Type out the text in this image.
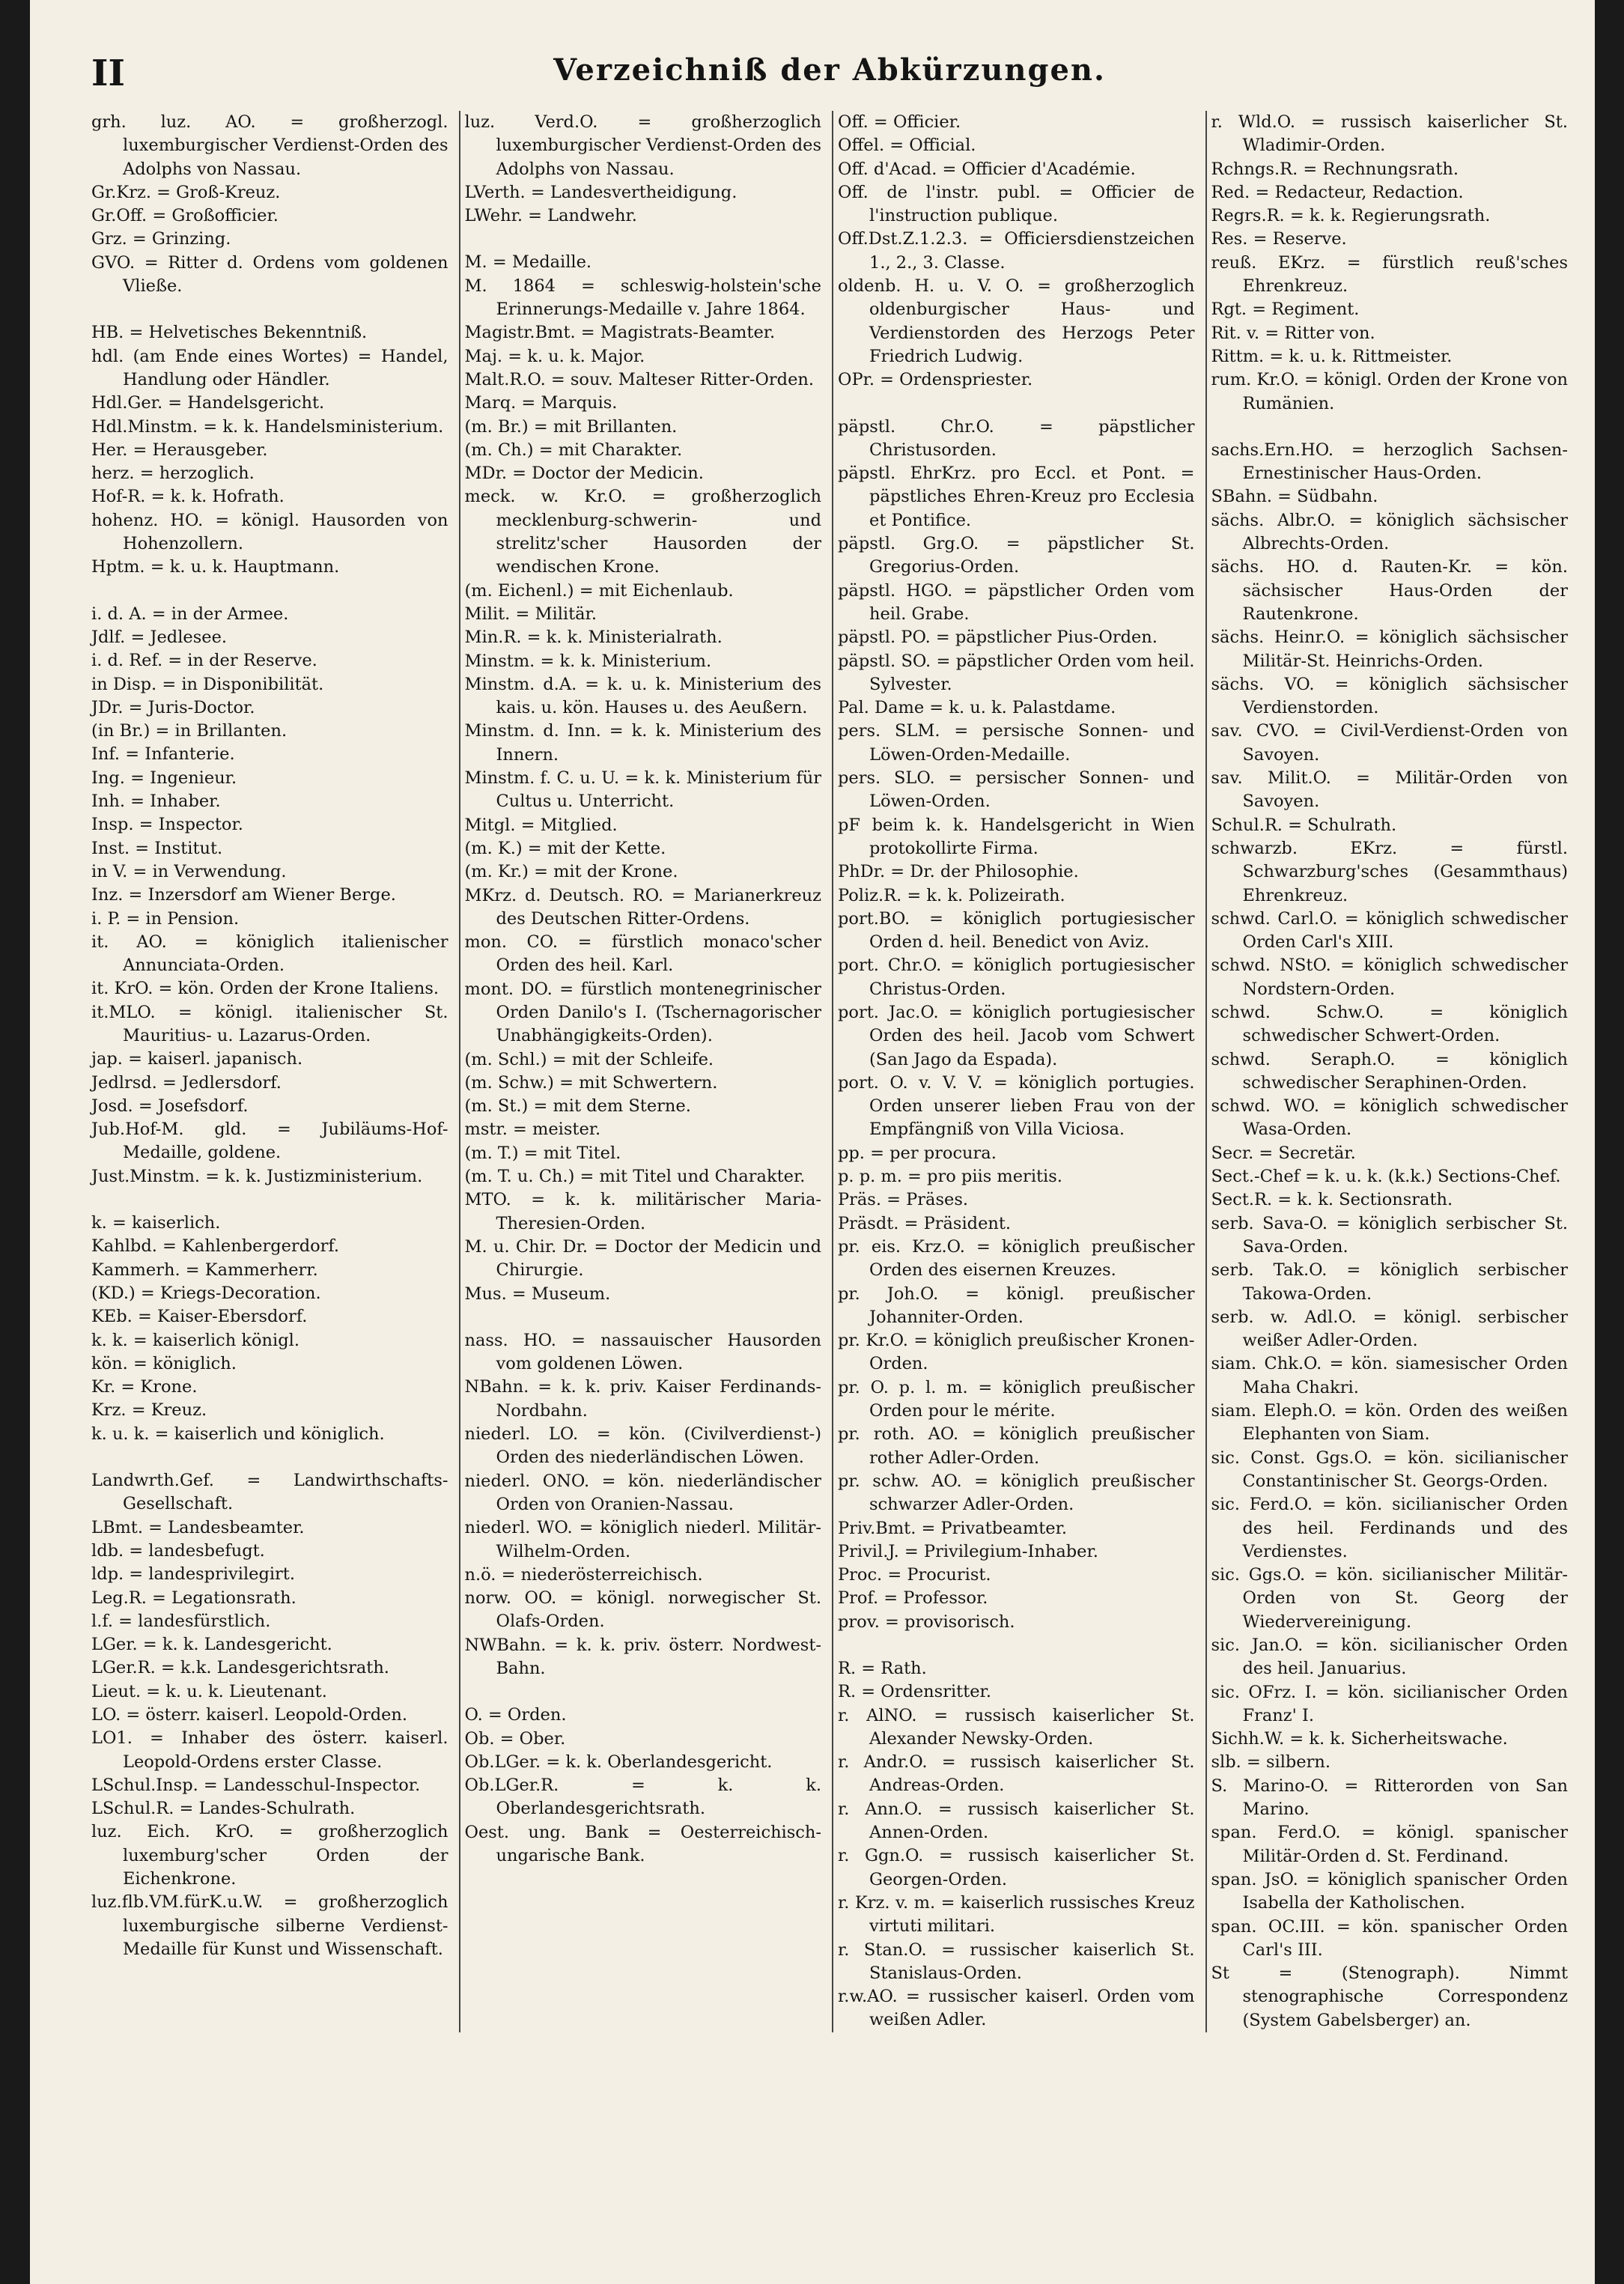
II	Verzeichniß der Abkürzungen.
grh. luz. AO. = großherzogl. luxemburgischer Verdienst-Orden des Adolphs von Nassau.
Gr.Krz. = Groß-Kreuz.
Gr.Off. = Großofficier.
Grz. = Grinzing.
GVO. = Ritter d. Ordens vom goldenen Vließe.
HB. = Helvetisches Bekenntniß.
hdl. (am Ende eines Wortes) = Handel, Handlung oder Händler.
Hdl.Ger. = Handelsgericht.
Hdl.Minstm. = k. k. Handelsministerium.
Her. = Herausgeber.
herz. = herzoglich.
Hof-R. = k. k. Hofrath.
hohenz. HO. = königl. Hausorden von Hohenzollern.
Hptm. = k. u. k. Hauptmann.
i. d. A. = in der Armee.
Jdlf. = Jedlesee.
i. d. Ref. = in der Reserve.
in Disp. = in Disponibilität.
JDr. = Juris-Doctor.
(in Br.) = in Brillanten.
Inf. = Infanterie.
Ing. = Ingenieur.
Inh. = Inhaber.
Insp. = Inspector.
Inst. = Institut.
in V. = in Verwendung.
Inz. = Inzersdorf am Wiener Berge.
i. P. = in Pension.
it. AO. = königlich italienischer Annunciata-Orden.
it. KrO. = kön. Orden der Krone Italiens.
it.MLO. = königl. italienischer St. Mauritius- u. Lazarus-Orden.
jap. = kaiserl. japanisch.
Jedlrsd. = Jedlersdorf.
Josd. = Josefsdorf.
Jub.Hof-M. gld. = Jubiläums-Hof-Medaille, goldene.
Just.Minstm. = k. k. Justizministerium.
k. = kaiserlich.
Kahlbd. = Kahlenbergerdorf.
Kammerh. = Kammerherr.
(KD.) = Kriegs-Decoration.
KEb. = Kaiser-Ebersdorf.
k. k. = kaiserlich königl.
kön. = königlich.
Kr. = Krone.
Krz. = Kreuz.
k. u. k. = kaiserlich und königlich.
Landwrth.Gef. = Landwirthschafts-Gesellschaft.
LBmt. = Landesbeamter.
ldb. = landesbefugt.
ldp. = landesprivilegirt.
Leg.R. = Legationsrath.
l.f. = landesfürstlich.
LGer. = k. k. Landesgericht.
LGer.R. = k.k. Landesgerichtsrath.
Lieut. = k. u. k. Lieutenant.
LO. = österr. kaiserl. Leopold-Orden.
LO1. = Inhaber des österr. kaiserl. Leopold-Ordens erster Classe.
LSchul.Insp. = Landesschul-Inspector.
LSchul.R. = Landes-Schulrath.
luz. Eich. KrO. = großherzoglich luxemburg'scher Orden der Eichenkrone.
luz.flb.VM.fürK.u.W. = großherzoglich luxemburgische silberne Verdienst-Medaille für Kunst und Wissenschaft.
luz. Verd.O. = großherzoglich luxemburgischer Verdienst-Orden des Adolphs von Nassau.
LVerth. = Landesvertheidigung.
LWehr. = Landwehr.
M. = Medaille.
M. 1864 = schleswig-holstein'sche Erinnerungs-Medaille v. Jahre 1864.
Magistr.Bmt. = Magistrats-Beamter.
Maj. = k. u. k. Major.
Malt.R.O. = souv. Malteser Ritter-Orden.
Marq. = Marquis.
(m. Br.) = mit Brillanten.
(m. Ch.) = mit Charakter.
MDr. = Doctor der Medicin.
meck. w. Kr.O. = großherzoglich mecklenburg-schwerin- und strelitz'scher Hausorden der wendischen Krone.
(m. Eichenl.) = mit Eichenlaub.
Milit. = Militär.
Min.R. = k. k. Ministerialrath.
Minstm. = k. k. Ministerium.
Minstm. d.A. = k. u. k. Ministerium des kais. u. kön. Hauses u. des Aeußern.
Minstm. d. Inn. = k. k. Ministerium des Innern.
Minstm. f. C. u. U. = k. k. Ministerium für Cultus u. Unterricht.
Mitgl. = Mitglied.
(m. K.) = mit der Kette.
(m. Kr.) = mit der Krone.
MKrz. d. Deutsch. RO. = Marianerkreuz des Deutschen Ritter-Ordens.
mon. CO. = fürstlich monaco'scher Orden des heil. Karl.
mont. DO. = fürstlich montenegrinischer Orden Danilo's I. (Tschernagorischer Unabhängigkeits-Orden).
(m. Schl.) = mit der Schleife.
(m. Schw.) = mit Schwertern.
(m. St.) = mit dem Sterne.
mstr. = meister.
(m. T.) = mit Titel.
(m. T. u. Ch.) = mit Titel und Charakter.
MTO. = k. k. militärischer Maria-Theresien-Orden.
M. u. Chir. Dr. = Doctor der Medicin und Chirurgie.
Mus. = Museum.
nass. HO. = nassauischer Hausorden vom goldenen Löwen.
NBahn. = k. k. priv. Kaiser Ferdinands-Nordbahn.
niederl. LO. = kön. (Civilverdienst-) Orden des niederländischen Löwen.
niederl. ONO. = kön. niederländischer Orden von Oranien-Nassau.
niederl. WO. = königlich niederl. Militär-Wilhelm-Orden.
n.ö. = niederösterreichisch.
norw. OO. = königl. norwegischer St. Olafs-Orden.
NWBahn. = k. k. priv. österr. Nordwest-Bahn.
O. = Orden.
Ob. = Ober.
Ob.LGer. = k. k. Oberlandesgericht.
Ob.LGer.R. = k. k. Oberlandesgerichtsrath.
Oest. ung. Bank = Oesterreichisch-ungarische Bank.
Off. = Officier.
Offel. = Official.
Off. d'Acad. = Officier d'Académie.
Off. de l'instr. publ. = Officier de l'instruction publique.
Off.Dst.Z.1.2.3. = Officiersdienstzeichen 1., 2., 3. Classe.
oldenb. H. u. V. O. = großherzoglich oldenburgischer Haus- und Verdienstorden des Herzogs Peter Friedrich Ludwig.
OPr. = Ordenspriester.
päpstl. Chr.O. = päpstlicher Christusorden.
päpstl. EhrKrz. pro Eccl. et Pont. = päpstliches Ehren-Kreuz pro Ecclesia et Pontifice.
päpstl. Grg.O. = päpstlicher St. Gregorius-Orden.
päpstl. HGO. = päpstlicher Orden vom heil. Grabe.
päpstl. PO. = päpstlicher Pius-Orden.
päpstl. SO. = päpstlicher Orden vom heil. Sylvester.
Pal. Dame = k. u. k. Palastdame.
pers. SLM. = persische Sonnen- und Löwen-Orden-Medaille.
pers. SLO. = persischer Sonnen- und Löwen-Orden.
pF beim k. k. Handelsgericht in Wien protokollirte Firma.
PhDr. = Dr. der Philosophie.
Poliz.R. = k. k. Polizeirath.
port.BO. = königlich portugiesischer Orden d. heil. Benedict von Aviz.
port. Chr.O. = königlich portugiesischer Christus-Orden.
port. Jac.O. = königlich portugiesischer Orden des heil. Jacob vom Schwert (San Jago da Espada).
port. O. v. V. V. = königlich portugies. Orden unserer lieben Frau von der Empfängniß von Villa Viciosa.
pp. = per procura.
p. p. m. = pro piis meritis.
Präs. = Präses.
Präsdt. = Präsident.
pr. eis. Krz.O. = königlich preußischer Orden des eisernen Kreuzes.
pr. Joh.O. = königl. preußischer Johanniter-Orden.
pr. Kr.O. = königlich preußischer Kronen-Orden.
pr. O. p. l. m. = königlich preußischer Orden pour le mérite.
pr. roth. AO. = königlich preußischer rother Adler-Orden.
pr. schw. AO. = königlich preußischer schwarzer Adler-Orden.
Priv.Bmt. = Privatbeamter.
Privil.J. = Privilegium-Inhaber.
Proc. = Procurist.
Prof. = Professor.
prov. = provisorisch.
R. = Rath.
R. = Ordensritter.
r. AlNO. = russisch kaiserlicher St. Alexander Newsky-Orden.
r. Andr.O. = russisch kaiserlicher St. Andreas-Orden.
r. Ann.O. = russisch kaiserlicher St. Annen-Orden.
r. Ggn.O. = russisch kaiserlicher St. Georgen-Orden.
r. Krz. v. m. = kaiserlich russisches Kreuz virtuti militari.
r. Stan.O. = russischer kaiserlich St. Stanislaus-Orden.
r.w.AO. = russischer kaiserl. Orden vom weißen Adler.
r. Wld.O. = russisch kaiserlicher St. Wladimir-Orden.
Rchngs.R. = Rechnungsrath.
Red. = Redacteur, Redaction.
Regrs.R. = k. k. Regierungsrath.
Res. = Reserve.
reuß. EKrz. = fürstlich reuß'sches Ehrenkreuz.
Rgt. = Regiment.
Rit. v. = Ritter von.
Rittm. = k. u. k. Rittmeister.
rum. Kr.O. = königl. Orden der Krone von Rumänien.
sachs.Ern.HO. = herzoglich Sachsen-Ernestinischer Haus-Orden.
SBahn. = Südbahn.
sächs. Albr.O. = königlich sächsischer Albrechts-Orden.
sächs. HO. d. Rauten-Kr. = kön. sächsischer Haus-Orden der Rautenkrone.
sächs. Heinr.O. = königlich sächsischer Militär-St. Heinrichs-Orden.
sächs. VO. = königlich sächsischer Verdienstorden.
sav. CVO. = Civil-Verdienst-Orden von Savoyen.
sav. Milit.O. = Militär-Orden von Savoyen.
Schul.R. = Schulrath.
schwarzb. EKrz. = fürstl. Schwarzburg'sches (Gesammthaus) Ehrenkreuz.
schwd. Carl.O. = königlich schwedischer Orden Carl's XIII.
schwd. NStO. = königlich schwedischer Nordstern-Orden.
schwd. Schw.O. = königlich schwedischer Schwert-Orden.
schwd. Seraph.O. = königlich schwedischer Seraphinen-Orden.
schwd. WO. = königlich schwedischer Wasa-Orden.
Secr. = Secretär.
Sect.-Chef = k. u. k. (k.k.) Sections-Chef.
Sect.R. = k. k. Sectionsrath.
serb. Sava-O. = königlich serbischer St. Sava-Orden.
serb. Tak.O. = königlich serbischer Takowa-Orden.
serb. w. Adl.O. = königl. serbischer weißer Adler-Orden.
siam. Chk.O. = kön. siamesischer Orden Maha Chakri.
siam. Eleph.O. = kön. Orden des weißen Elephanten von Siam.
sic. Const. Ggs.O. = kön. sicilianischer Constantinischer St. Georgs-Orden.
sic. Ferd.O. = kön. sicilianischer Orden des heil. Ferdinands und des Verdienstes.
sic. Ggs.O. = kön. sicilianischer Militär-Orden von St. Georg der Wiedervereinigung.
sic. Jan.O. = kön. sicilianischer Orden des heil. Januarius.
sic. OFrz. I. = kön. sicilianischer Orden Franz' I.
Sichh.W. = k. k. Sicherheitswache.
slb. = silbern.
S. Marino-O. = Ritterorden von San Marino.
span. Ferd.O. = königl. spanischer Militär-Orden d. St. Ferdinand.
span. JsO. = königlich spanischer Orden Isabella der Katholischen.
span. OC.III. = kön. spanischer Orden Carl's III.
St = (Stenograph). Nimmt stenographische Correspondenz (System Gabelsberger) an.
